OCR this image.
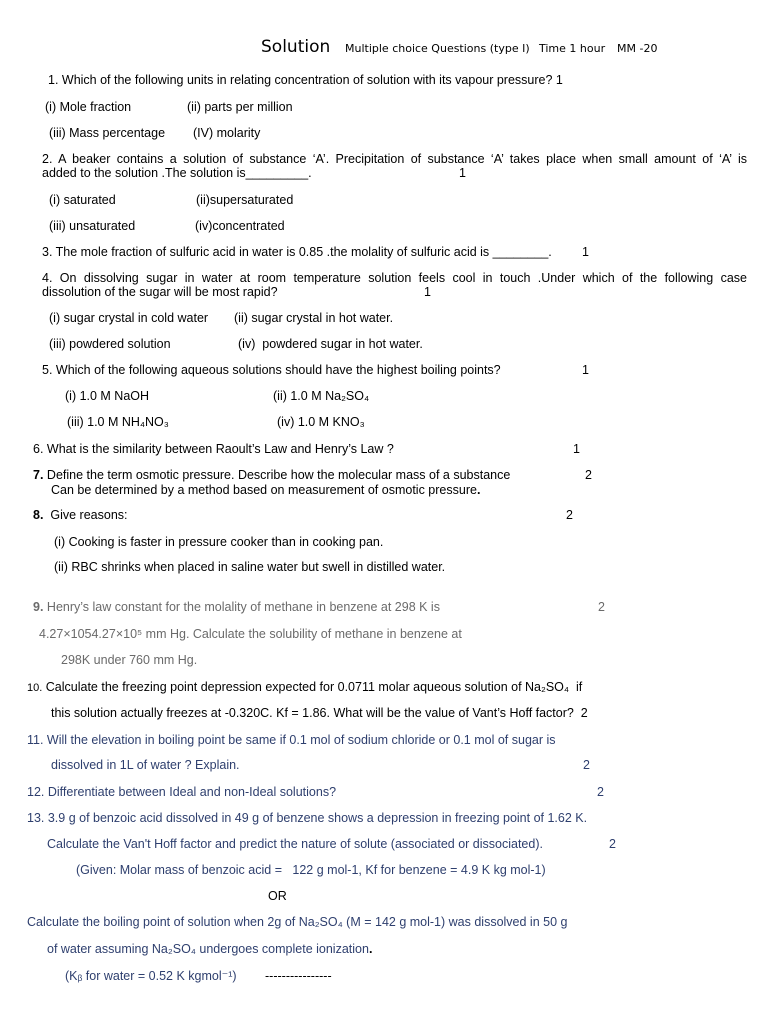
Solution Multiple choice Questions (type I) Time 1 hour MM -20
1. Which of the following units in relating concentration of solution with its vapour pressure? 1
(i) Mole fraction	(ii) parts per million
(iii) Mass percentage (IV) molarity
2. A beaker contains a solution of substance ‘A’. Precipitation of substance ‘A’ takes place when small amount of ‘A’ is
added to the solution .The solution is_________.	1
(i) saturated	(ii)supersaturated
(iii) unsaturated	(iv)concentrated
3. The mole fraction of sulfuric acid in water is 0.85 .the molality of sulfuric acid is ________. 1
4. On dissolving sugar in water at room temperature solution feels cool in touch .Under which of the following case
dissolution of the sugar will be most rapid?	1
(i) sugar crystal in cold water (ii) sugar crystal in hot water.
(iii) powdered solution	(iv)  powdered sugar in hot water.
5. Which of the following aqueous solutions should have the highest boiling points?	1
(i) 1.0 M NaOH	(ii) 1.0 M Na₂SO₄
(iii) 1.0 M NH₄NO₃	(iv) 1.0 M KNO₃
6. What is the similarity between Raoult’s Law and Henry’s Law ?	1
7. Define the term osmotic pressure. Describe how the molecular mass of a substance	2
Can be determined by a method based on measurement of osmotic pressure.
8.  Give reasons:	2
(i) Cooking is faster in pressure cooker than in cooking pan.
(ii) RBC shrinks when placed in saline water but swell in distilled water.
9. Henry’s law constant for the molality of methane in benzene at 298 K is	2
4.27×1054.27×10⁵ mm Hg. Calculate the solubility of methane in benzene at
298K under 760 mm Hg.
10. Calculate the freezing point depression expected for 0.0711 molar aqueous solution of Na₂SO₄  if
this solution actually freezes at -0.320C. Kf = 1.86. What will be the value of Vant’s Hoff factor?  2
11. Will the elevation in boiling point be same if 0.1 mol of sodium chloride or 0.1 mol of sugar is
dissolved in 1L of water ? Explain.	2
12. Differentiate between Ideal and non-Ideal solutions?	2
13. 3.9 g of benzoic acid dissolved in 49 g of benzene shows a depression in freezing point of 1.62 K.
Calculate the Van't Hoff factor and predict the nature of solute (associated or dissociated).	2
(Given: Molar mass of benzoic acid =   122 g mol-1, Kf for benzene = 4.9 K kg mol-1)
OR
Calculate the boiling point of solution when 2g of Na₂SO₄ (M = 142 g mol-1) was dissolved in 50 g
of water assuming Na₂SO₄ undergoes complete ionization.
(Kᵦ for water = 0.52 K kgmol⁻¹) ----------------
